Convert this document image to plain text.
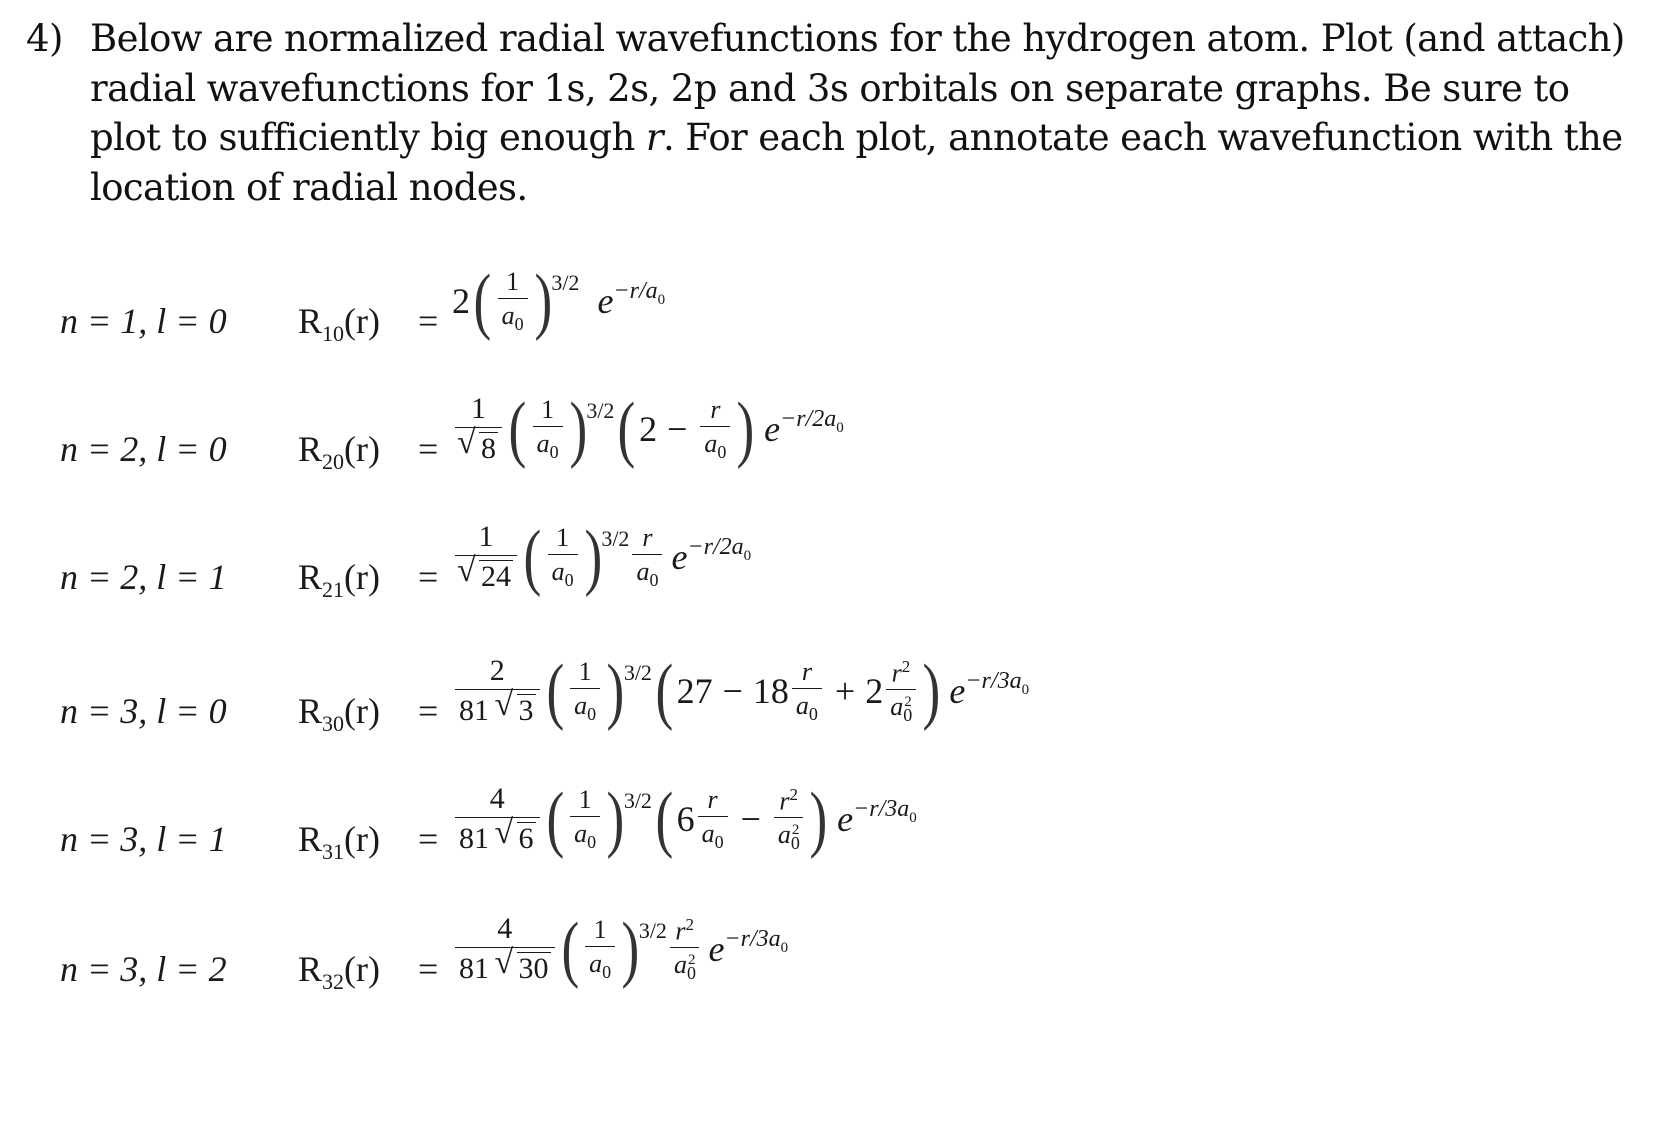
4) Below are normalized radial wavefunctions for the hydrogen atom. Plot (and attach)
radial wavefunctions for 1s, 2s, 2p and 3s orbitals on separate graphs. Be sure to
plot to sufficiently big enough r. For each plot, annotate each wavefunction with the
location of radial nodes.
n = 1, l = 0 $R_{10}(r) = 2$ ( $\frac{1}{a_0}$ ) 3/2 $e -r/a_0$
n = 2, l = 0 $R_{20}(r) = 1$
√ 8 ( $\frac{1}{a_0}$ ) 3/2 ( $2 - \frac{r}{a_0}$ ) $e -r/2a_0$
n = 2, l = 1 $R_{21}(r) = 1$
√ 24 ( $\frac{1}{a_0}$ ) $3/2 \frac{r}{a_0}$ $e -r/2a_0$
n = 3, l = 0 $R_{30}(r) = \frac{2}{81 √ 3}$ ( $\frac{1}{a_0}$ ) 3/2 ( $27 - 18 \frac{r}{a_0} + 2 \frac{r^2}{a_0^2}$ ) $e -r/3a_0$
n = 3, l = 1 $R_{31}(r) = \frac{4}{81 √ 6}$ ( $\frac{1}{a_0}$ ) 3/2 ( $6 \frac{r}{a_0} - \frac{r^2}{a_0^2}$ ) $e -r/3a_0$
n = 3, l = 2 $R_{32}(r) = \frac{4}{81 √ 30}$ ( $\frac{1}{a_0}$ ) $3/2 \frac{r^2}{a_0^2}$ $e -r/3a_0$
